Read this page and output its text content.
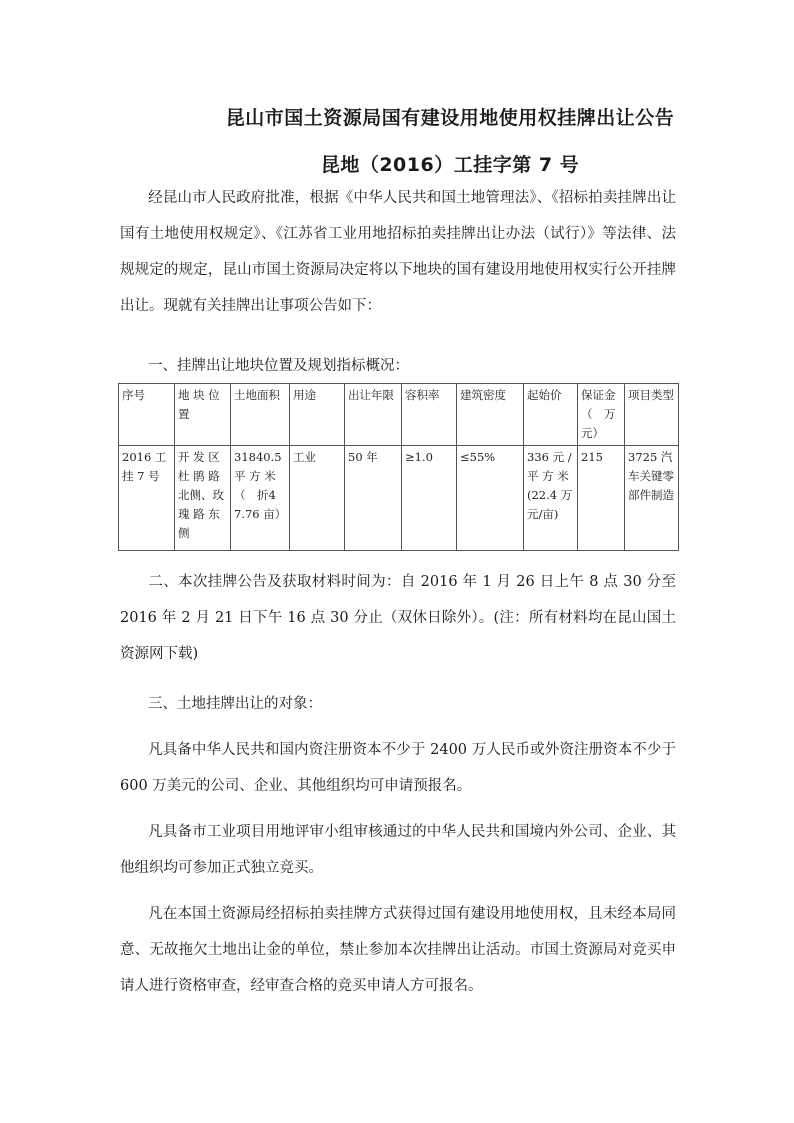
昆山市国土资源局国有建设用地使用权挂牌出让公告
昆地（2016）工挂字第 7 号
经昆山市人民政府批准，根据《中华人民共和国土地管理法》、《招标拍卖挂牌出让国有土地使用权规定》、《江苏省工业用地招标拍卖挂牌出让办法（试行）》等法律、法规规定的规定，昆山市国土资源局决定将以下地块的国有建设用地使用权实行公开挂牌出让。现就有关挂牌出让事项公告如下：
一、挂牌出让地块位置及规划指标概况：
序号	地 块 位置	土地面积	用途	出让年限	容积率	建筑密度	起始价	保证金（　万元）	项目类型
2016 工挂 7 号	开 发 区杜 鹃 路北侧、玫瑰 路 东侧	31840.5平 方 米（　折47.76 亩）	工业	50 年	≥1.0	≤55%	336 元 /平 方 米(22.4 万元/亩)	215	3725 汽车关键零部件制造
二、本次挂牌公告及获取材料时间为：自 2016 年 1 月 26 日上午 8 点 30 分至 2016 年 2 月 21 日下午 16 点 30 分止（双休日除外）。(注：所有材料均在昆山国土资源网下载)
三、土地挂牌出让的对象：
凡具备中华人民共和国内资注册资本不少于 2400 万人民币或外资注册资本不少于 600 万美元的公司、企业、其他组织均可申请预报名。
凡具备市工业项目用地评审小组审核通过的中华人民共和国境内外公司、企业、其他组织均可参加正式独立竞买。
凡在本国土资源局经招标拍卖挂牌方式获得过国有建设用地使用权，且未经本局同意、无故拖欠土地出让金的单位，禁止参加本次挂牌出让活动。市国土资源局对竞买申请人进行资格审查，经审查合格的竞买申请人方可报名。
